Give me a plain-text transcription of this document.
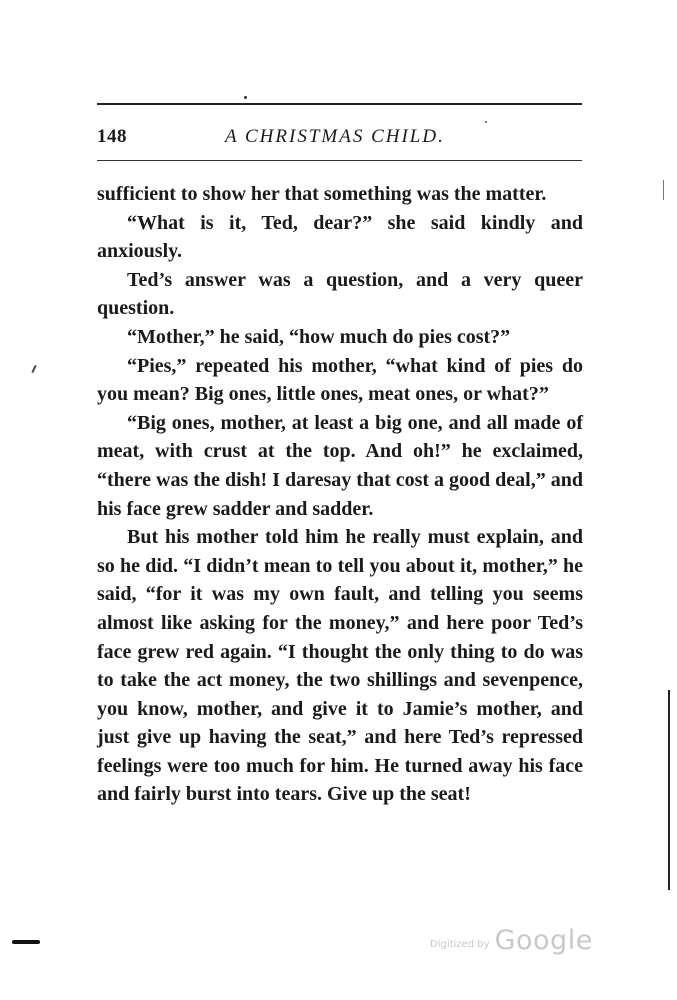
148	A CHRISTMAS CHILD.

sufficient to show her that something was the matter.

“What is it, Ted, dear?” she said kindly and anxiously.

Ted’s answer was a question, and a very queer question.

“Mother,” he said, “how much do pies cost?”

“Pies,” repeated his mother, “what kind of pies do you mean? Big ones, little ones, meat ones, or what?”

“Big ones, mother, at least a big one, and all made of meat, with crust at the top. And oh!” he exclaimed, “there was the dish! I daresay that cost a good deal,” and his face grew sadder and sadder.

But his mother told him he really must explain, and so he did. “I didn’t mean to tell you about it, mother,” he said, “for it was my own fault, and telling you seems almost like asking for the money,” and here poor Ted’s face grew red again. “I thought the only thing to do was to take the act money, the two shillings and sevenpence, you know, mother, and give it to Jamie’s mother, and just give up having the seat,” and here Ted’s repressed feelings were too much for him. He turned away his face and fairly burst into tears. Give up the seat!

Digitized by Google
